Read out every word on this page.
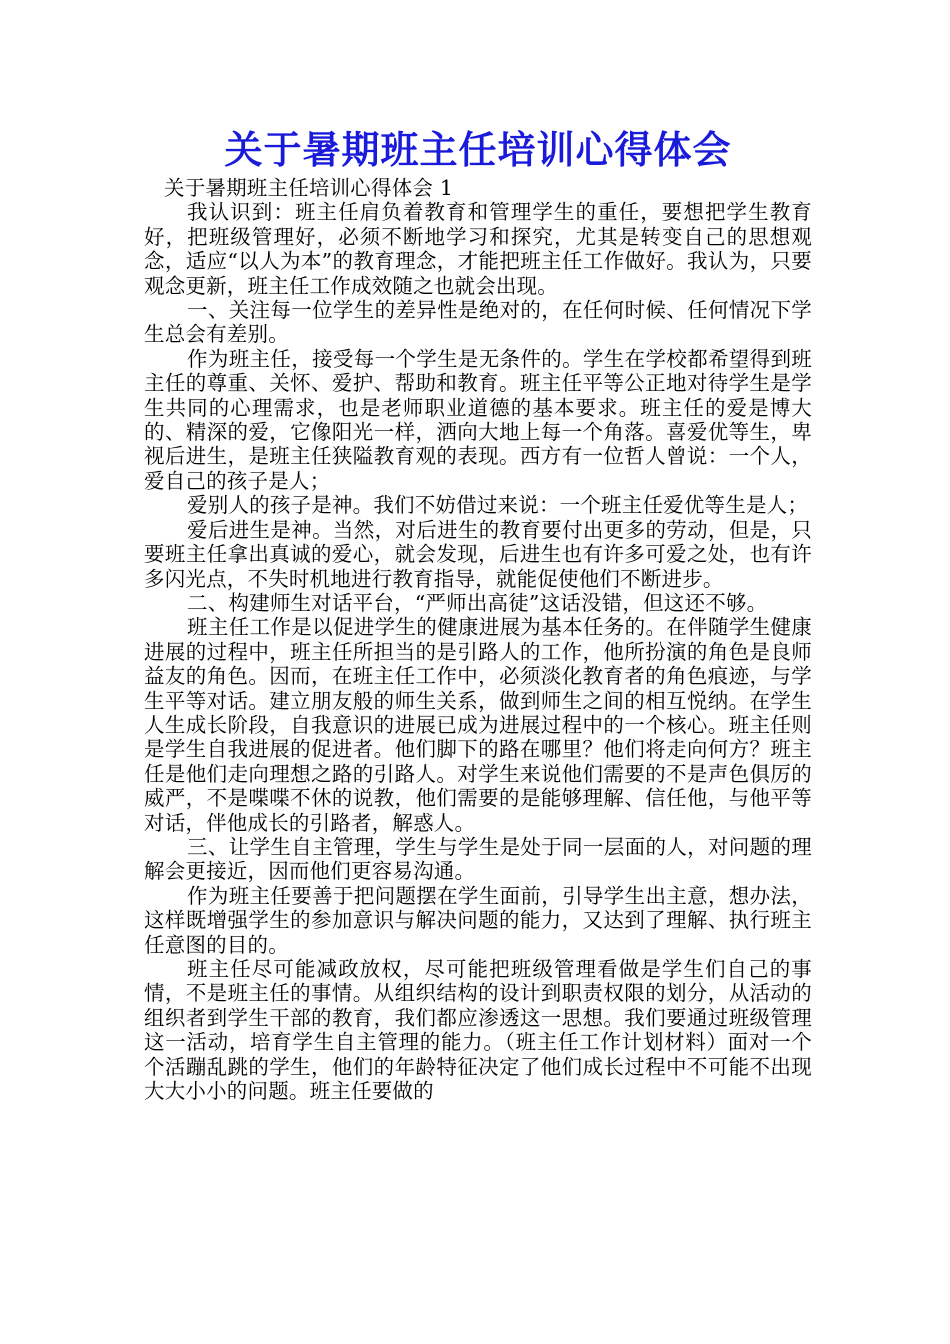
关于暑期班主任培训心得体会

关于暑期班主任培训心得体会 1

我认识到：班主任肩负着教育和管理学生的重任，要想把学生教育好，把班级管理好，必须不断地学习和探究，尤其是转变自己的思想观念，适应“以人为本”的教育理念，才能把班主任工作做好。我认为，只要观念更新，班主任工作成效随之也就会出现。

一、关注每一位学生的差异性是绝对的，在任何时候、任何情况下学生总会有差别。

作为班主任，接受每一个学生是无条件的。学生在学校都希望得到班主任的尊重、关怀、爱护、帮助和教育。班主任平等公正地对待学生是学生共同的心理需求，也是老师职业道德的基本要求。班主任的爱是博大的、精深的爱，它像阳光一样，洒向大地上每一个角落。喜爱优等生，卑视后进生，是班主任狭隘教育观的表现。西方有一位哲人曾说：一个人，爱自己的孩子是人；

爱别人的孩子是神。我们不妨借过来说：一个班主任爱优等生是人；

爱后进生是神。当然，对后进生的教育要付出更多的劳动，但是，只要班主任拿出真诚的爱心，就会发现，后进生也有许多可爱之处，也有许多闪光点，不失时机地进行教育指导，就能促使他们不断进步。

二、构建师生对话平台，“严师出高徒”这话没错，但这还不够。

班主任工作是以促进学生的健康进展为基本任务的。在伴随学生健康进展的过程中，班主任所担当的是引路人的工作，他所扮演的角色是良师益友的角色。因而，在班主任工作中，必须淡化教育者的角色痕迹，与学生平等对话。建立朋友般的师生关系，做到师生之间的相互悦纳。在学生人生成长阶段，自我意识的进展已成为进展过程中的一个核心。班主任则是学生自我进展的促进者。他们脚下的路在哪里？他们将走向何方？班主任是他们走向理想之路的引路人。对学生来说他们需要的不是声色俱厉的威严，不是喋喋不休的说教，他们需要的是能够理解、信任他，与他平等对话，伴他成长的引路者，解惑人。

三、让学生自主管理，学生与学生是处于同一层面的人，对问题的理解会更接近，因而他们更容易沟通。

作为班主任要善于把问题摆在学生面前，引导学生出主意，想办法，这样既增强学生的参加意识与解决问题的能力，又达到了理解、执行班主任意图的目的。

班主任尽可能减政放权，尽可能把班级管理看做是学生们自己的事情，不是班主任的事情。从组织结构的设计到职责权限的划分，从活动的组织者到学生干部的教育，我们都应渗透这一思想。我们要通过班级管理这一活动，培育学生自主管理的能力。（班主任工作计划材料）面对一个个活蹦乱跳的学生，他们的年龄特征决定了他们成长过程中不可能不出现大大小小的问题。班主任要做的
